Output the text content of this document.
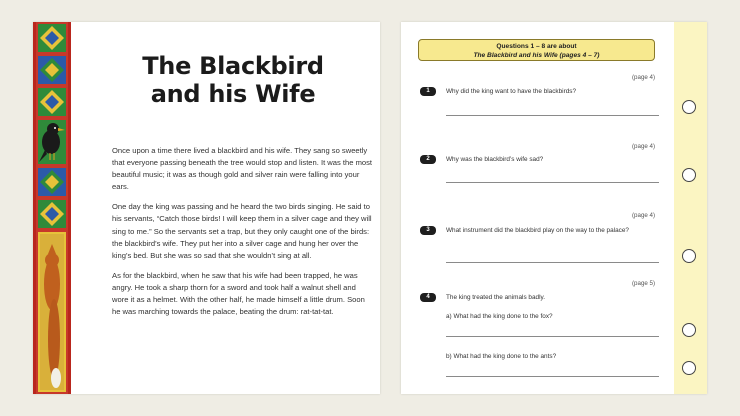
The Blackbird
and his Wife

Once upon a time there lived a blackbird and his wife. They sang so sweetly that everyone passing beneath the tree would stop and listen. It was the most beautiful music; it was as though gold and silver rain were falling into your ears.

One day the king was passing and he heard the two birds singing. He said to his servants, “Catch those birds! I will keep them in a silver cage and they will sing to me.” So the servants set a trap, but they only caught one of the birds: the blackbird’s wife. They put her into a silver cage and hung her over the king’s bed. But she was so sad that she wouldn’t sing at all.

As for the blackbird, when he saw that his wife had been trapped, he was angry. He took a sharp thorn for a sword and took half a walnut shell and wore it as a helmet. With the other half, he made himself a little drum. Soon he was marching towards the palace, beating the drum: rat-tat-tat.

Questions 1 – 8 are about
The Blackbird and his Wife (pages 4 – 7)
(page 4)
1	Why did the king want to have the blackbirds?
(page 4)
2	Why was the blackbird’s wife sad?
(page 4)
3	What instrument did the blackbird play on the way to the palace?
(page 5)
4	The king treated the animals badly.
a) What had the king done to the fox?
b) What had the king done to the ants?
